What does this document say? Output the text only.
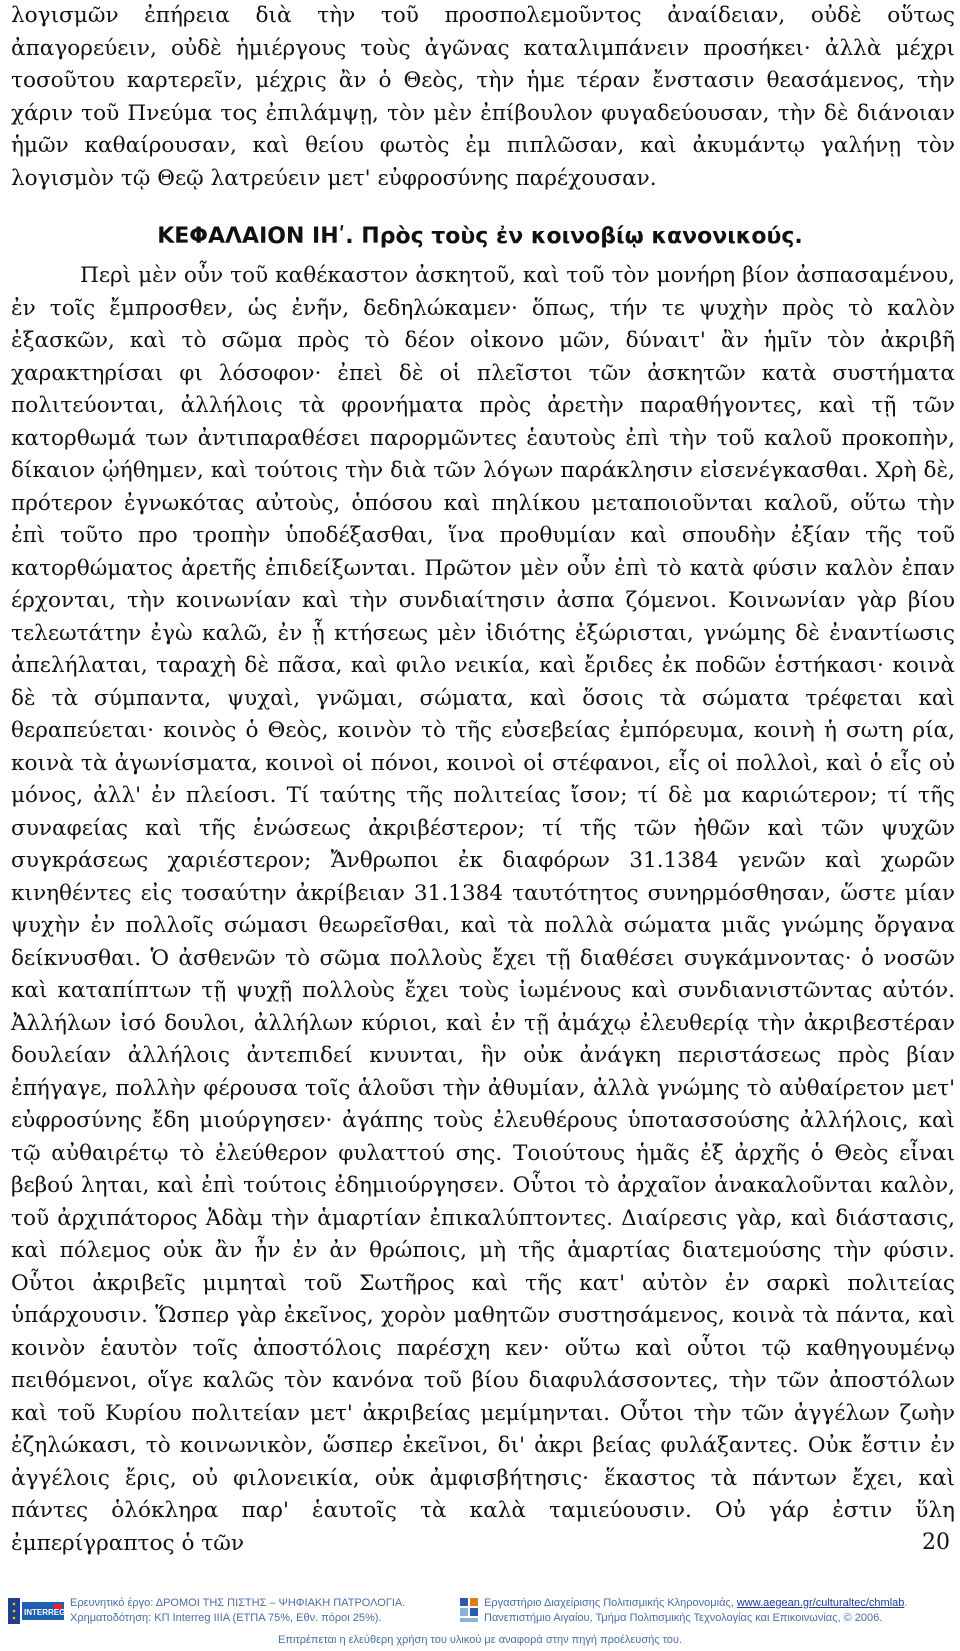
λογισμῶν ἐπήρεια διὰ τὴν τοῦ προσπολεμοῦντος ἀναίδειαν, οὐδὲ οὕτως ἀπαγορεύειν, οὐδὲ ἡμιέργους τοὺς ἀγῶνας καταλιμπάνειν προσήκει· ἀλλὰ μέχρι τοσοῦτου καρτερεῖν, μέχρις ἂν ὁ Θεὸς, τὴν ἡμε τέραν ἔνστασιν θεασάμενος, τὴν χάριν τοῦ Πνεύμα τος ἐπιλάμψῃ, τὸν μὲν ἐπίβουλον φυγαδεύουσαν, τὴν δὲ διάνοιαν ἡμῶν καθαίρουσαν, καὶ θείου φωτὸς ἐμ πιπλῶσαν, καὶ ἀκυμάντῳ γαλήνῃ τὸν λογισμὸν τῷ Θεῷ λατρεύειν μετ' εὐφροσύνης παρέχουσαν.

ΚΕΦΑΛΑΙΟΝ ΙΗʹ. Πρὸς τοὺς ἐν κοινοβίῳ κανονικούς.

Περὶ μὲν οὖν τοῦ καθέκαστον ἀσκητοῦ, καὶ τοῦ τὸν μονήρη βίον ἀσπασαμένου, ἐν τοῖς ἔμπροσθεν, ὡς ἐνῆν, δεδηλώκαμεν· ὅπως, τήν τε ψυχὴν πρὸς τὸ καλὸν ἐξασκῶν, καὶ τὸ σῶμα πρὸς τὸ δέον οἰκονο μῶν, δύναιτ' ἂν ἡμῖν τὸν ἀκριβῆ χαρακτηρίσαι φι λόσοφον· ἐπεὶ δὲ οἱ πλεῖστοι τῶν ἀσκητῶν κατὰ συστήματα πολιτεύονται, ἀλλήλοις τὰ φρονήματα πρὸς ἀρετὴν παραθήγοντες, καὶ τῇ τῶν κατορθωμά των ἀντιπαραθέσει παρορμῶντες ἑαυτοὺς ἐπὶ τὴν τοῦ καλοῦ προκοπὴν, δίκαιον ᾠήθημεν, καὶ τούτοις τὴν διὰ τῶν λόγων παράκλησιν εἰσενέγκασθαι. Χρὴ δὲ, πρότερον ἐγνωκότας αὐτοὺς, ὁπόσου καὶ πηλίκου μεταποιοῦνται καλοῦ, οὕτω τὴν ἐπὶ τοῦτο προ τροπὴν ὑποδέξασθαι, ἵνα προθυμίαν καὶ σπουδὴν ἐξίαν τῆς τοῦ κατορθώματος ἀρετῆς ἐπιδείξωνται. Πρῶτον μὲν οὖν ἐπὶ τὸ κατὰ φύσιν καλὸν ἐπαν έρχονται, τὴν κοινωνίαν καὶ τὴν συνδιαίτησιν ἀσπα ζόμενοι. Κοινωνίαν γὰρ βίου τελεωτάτην ἐγὼ καλῶ, ἐν ᾗ κτήσεως μὲν ἰδιότης ἐξώρισται, γνώμης δὲ ἐναντίωσις ἀπελήλαται, ταραχὴ δὲ πᾶσα, καὶ φιλο νεικία, καὶ ἔριδες ἐκ ποδῶν ἑστήκασι· κοινὰ δὲ τὰ σύμπαντα, ψυχαὶ, γνῶμαι, σώματα, καὶ ὅσοις τὰ σώματα τρέφεται καὶ θεραπεύεται· κοινὸς ὁ Θεὸς, κοινὸν τὸ τῆς εὐσεβείας ἐμπόρευμα, κοινὴ ἡ σωτη ρία, κοινὰ τὰ ἀγωνίσματα, κοινοὶ οἱ πόνοι, κοινοὶ οἱ στέφανοι, εἷς οἱ πολλοὶ, καὶ ὁ εἷς οὐ μόνος, ἀλλ' ἐν πλείοσι. Τί ταύτης τῆς πολιτείας ἴσον; τί δὲ μα καριώτερον; τί τῆς συναφείας καὶ τῆς ἑνώσεως ἀκριβέστερον; τί τῆς τῶν ἠθῶν καὶ τῶν ψυχῶν συγκράσεως χαριέστερον; Ἄνθρωποι ἐκ διαφόρων 31.1384 γενῶν καὶ χωρῶν κινηθέντες εἰς τοσαύτην ἀκρίβειαν 31.1384 ταυτότητος συνηρμόσθησαν, ὥστε μίαν ψυχὴν ἐν πολλοῖς σώμασι θεωρεῖσθαι, καὶ τὰ πολλὰ σώματα μιᾶς γνώμης ὄργανα δείκνυσθαι. Ὁ ἀσθενῶν τὸ σῶμα πολλοὺς ἔχει τῇ διαθέσει συγκάμνοντας· ὁ νοσῶν καὶ καταπίπτων τῇ ψυχῇ πολλοὺς ἔχει τοὺς ἰωμένους καὶ συνδιανιστῶντας αὐτόν. Ἀλλήλων ἰσό δουλοι, ἀλλήλων κύριοι, καὶ ἐν τῇ ἀμάχῳ ἐλευθερίᾳ τὴν ἀκριβεστέραν δουλείαν ἀλλήλοις ἀντεπιδεί κνυνται, ἣν οὐκ ἀνάγκη περιστάσεως πρὸς βίαν ἐπήγαγε, πολλὴν φέρουσα τοῖς ἁλοῦσι τὴν ἀθυμίαν, ἀλλὰ γνώμης τὸ αὐθαίρετον μετ' εὐφροσύνης ἔδη μιούργησεν· ἀγάπης τοὺς ἐλευθέρους ὑποτασσούσης ἀλλήλοις, καὶ τῷ αὐθαιρέτῳ τὸ ἐλεύθερον φυλαττού σης. Τοιούτους ἡμᾶς ἐξ ἀρχῆς ὁ Θεὸς εἶναι βεβού ληται, καὶ ἐπὶ τούτοις ἐδημιούργησεν. Οὗτοι τὸ ἀρχαῖον ἀνακαλοῦνται καλὸν, τοῦ ἀρχιπάτορος Ἀδὰμ τὴν ἁμαρτίαν ἐπικαλύπτοντες. Διαίρεσις γὰρ, καὶ διάστασις, καὶ πόλεμος οὐκ ἂν ἦν ἐν ἀν θρώποις, μὴ τῆς ἁμαρτίας διατεμούσης τὴν φύσιν. Οὗτοι ἀκριβεῖς μιμηταὶ τοῦ Σωτῆρος καὶ τῆς κατ' αὐτὸν ἐν σαρκὶ πολιτείας ὑπάρχουσιν. Ὥσπερ γὰρ ἐκεῖνος, χορὸν μαθητῶν συστησάμενος, κοινὰ τὰ πάντα, καὶ κοινὸν ἑαυτὸν τοῖς ἀποστόλοις παρέσχη κεν· οὕτω καὶ οὗτοι τῷ καθηγουμένῳ πειθόμενοι, οἵγε καλῶς τὸν κανόνα τοῦ βίου διαφυλάσσοντες, τὴν τῶν ἀποστόλων καὶ τοῦ Κυρίου πολιτείαν μετ' ἀκριβείας μεμίμηνται. Οὗτοι τὴν τῶν ἀγγέλων ζωὴν ἐζηλώκασι, τὸ κοινωνικὸν, ὥσπερ ἐκεῖνοι, δι' ἀκρι βείας φυλάξαντες. Οὐκ ἔστιν ἐν ἀγγέλοις ἔρις, οὐ φιλονεικία, οὐκ ἀμφισβήτησις· ἕκαστος τὰ πάντων ἔχει, καὶ πάντες ὁλόκληρα παρ' ἑαυτοῖς τὰ καλὰ ταμιεύουσιν. Οὐ γάρ ἐστιν ὕλη ἐμπερίγραπτος ὁ τῶν	20
INTERREG III
Ερευνητικό έργο: ΔΡΟΜΟΙ ΤΗΣ ΠΙΣΤΗΣ – ΨΗΦΙΑΚΗ ΠΑΤΡΟΛΟΓΙΑ.
Χρηματοδότηση: ΚΠ Interreg IIIA (ΕΤΠΑ 75%, Εθν. πόροι 25%).
Εργαστήριο Διαχείρισης Πολιτισμικής Κληρονομιάς, www.aegean.gr/culturaltec/chmlab.
Πανεπιστήμιο Αιγαίου, Τμήμα Πολιτισμικής Τεχνολογίας και Επικοινωνίας, © 2006.
Επιτρέπεται η ελεύθερη χρήση του υλικού με αναφορά στην πηγή προέλευσής του.
